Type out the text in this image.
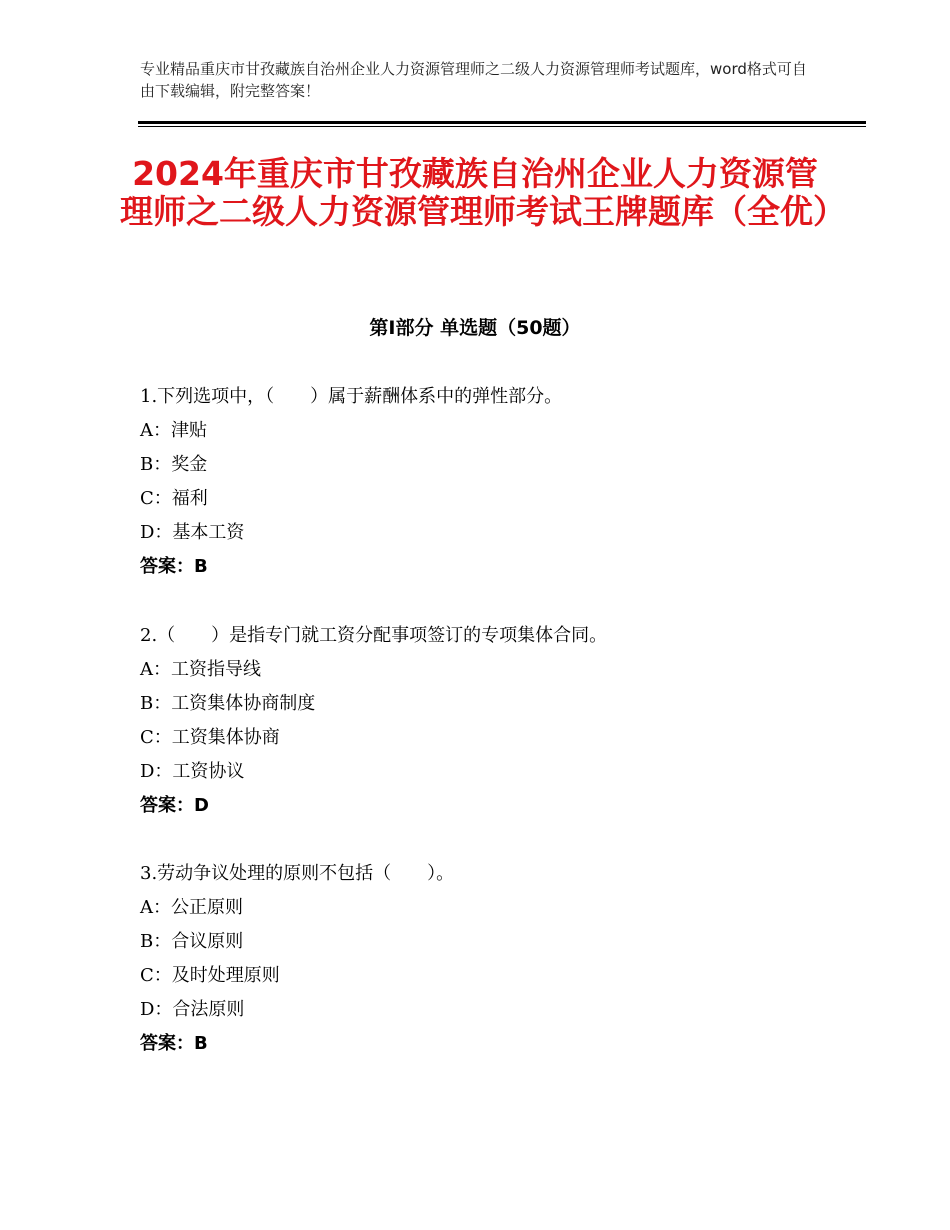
专业精品重庆市甘孜藏族自治州企业人力资源管理师之二级人力资源管理师考试题库，word格式可自由下载编辑，附完整答案！
2024年重庆市甘孜藏族自治州企业人力资源管理师之二级人力资源管理师考试王牌题库（全优）
第Ⅰ部分 单选题（50题）
1.下列选项中，（　　）属于薪酬体系中的弹性部分。
A：津贴
B：奖金
C：福利
D：基本工资
答案：B
2.（　　）是指专门就工资分配事项签订的专项集体合同。
A：工资指导线
B：工资集体协商制度
C：工资集体协商
D：工资协议
答案：D
3.劳动争议处理的原则不包括（　　）。
A：公正原则
B：合议原则
C：及时处理原则
D：合法原则
答案：B
